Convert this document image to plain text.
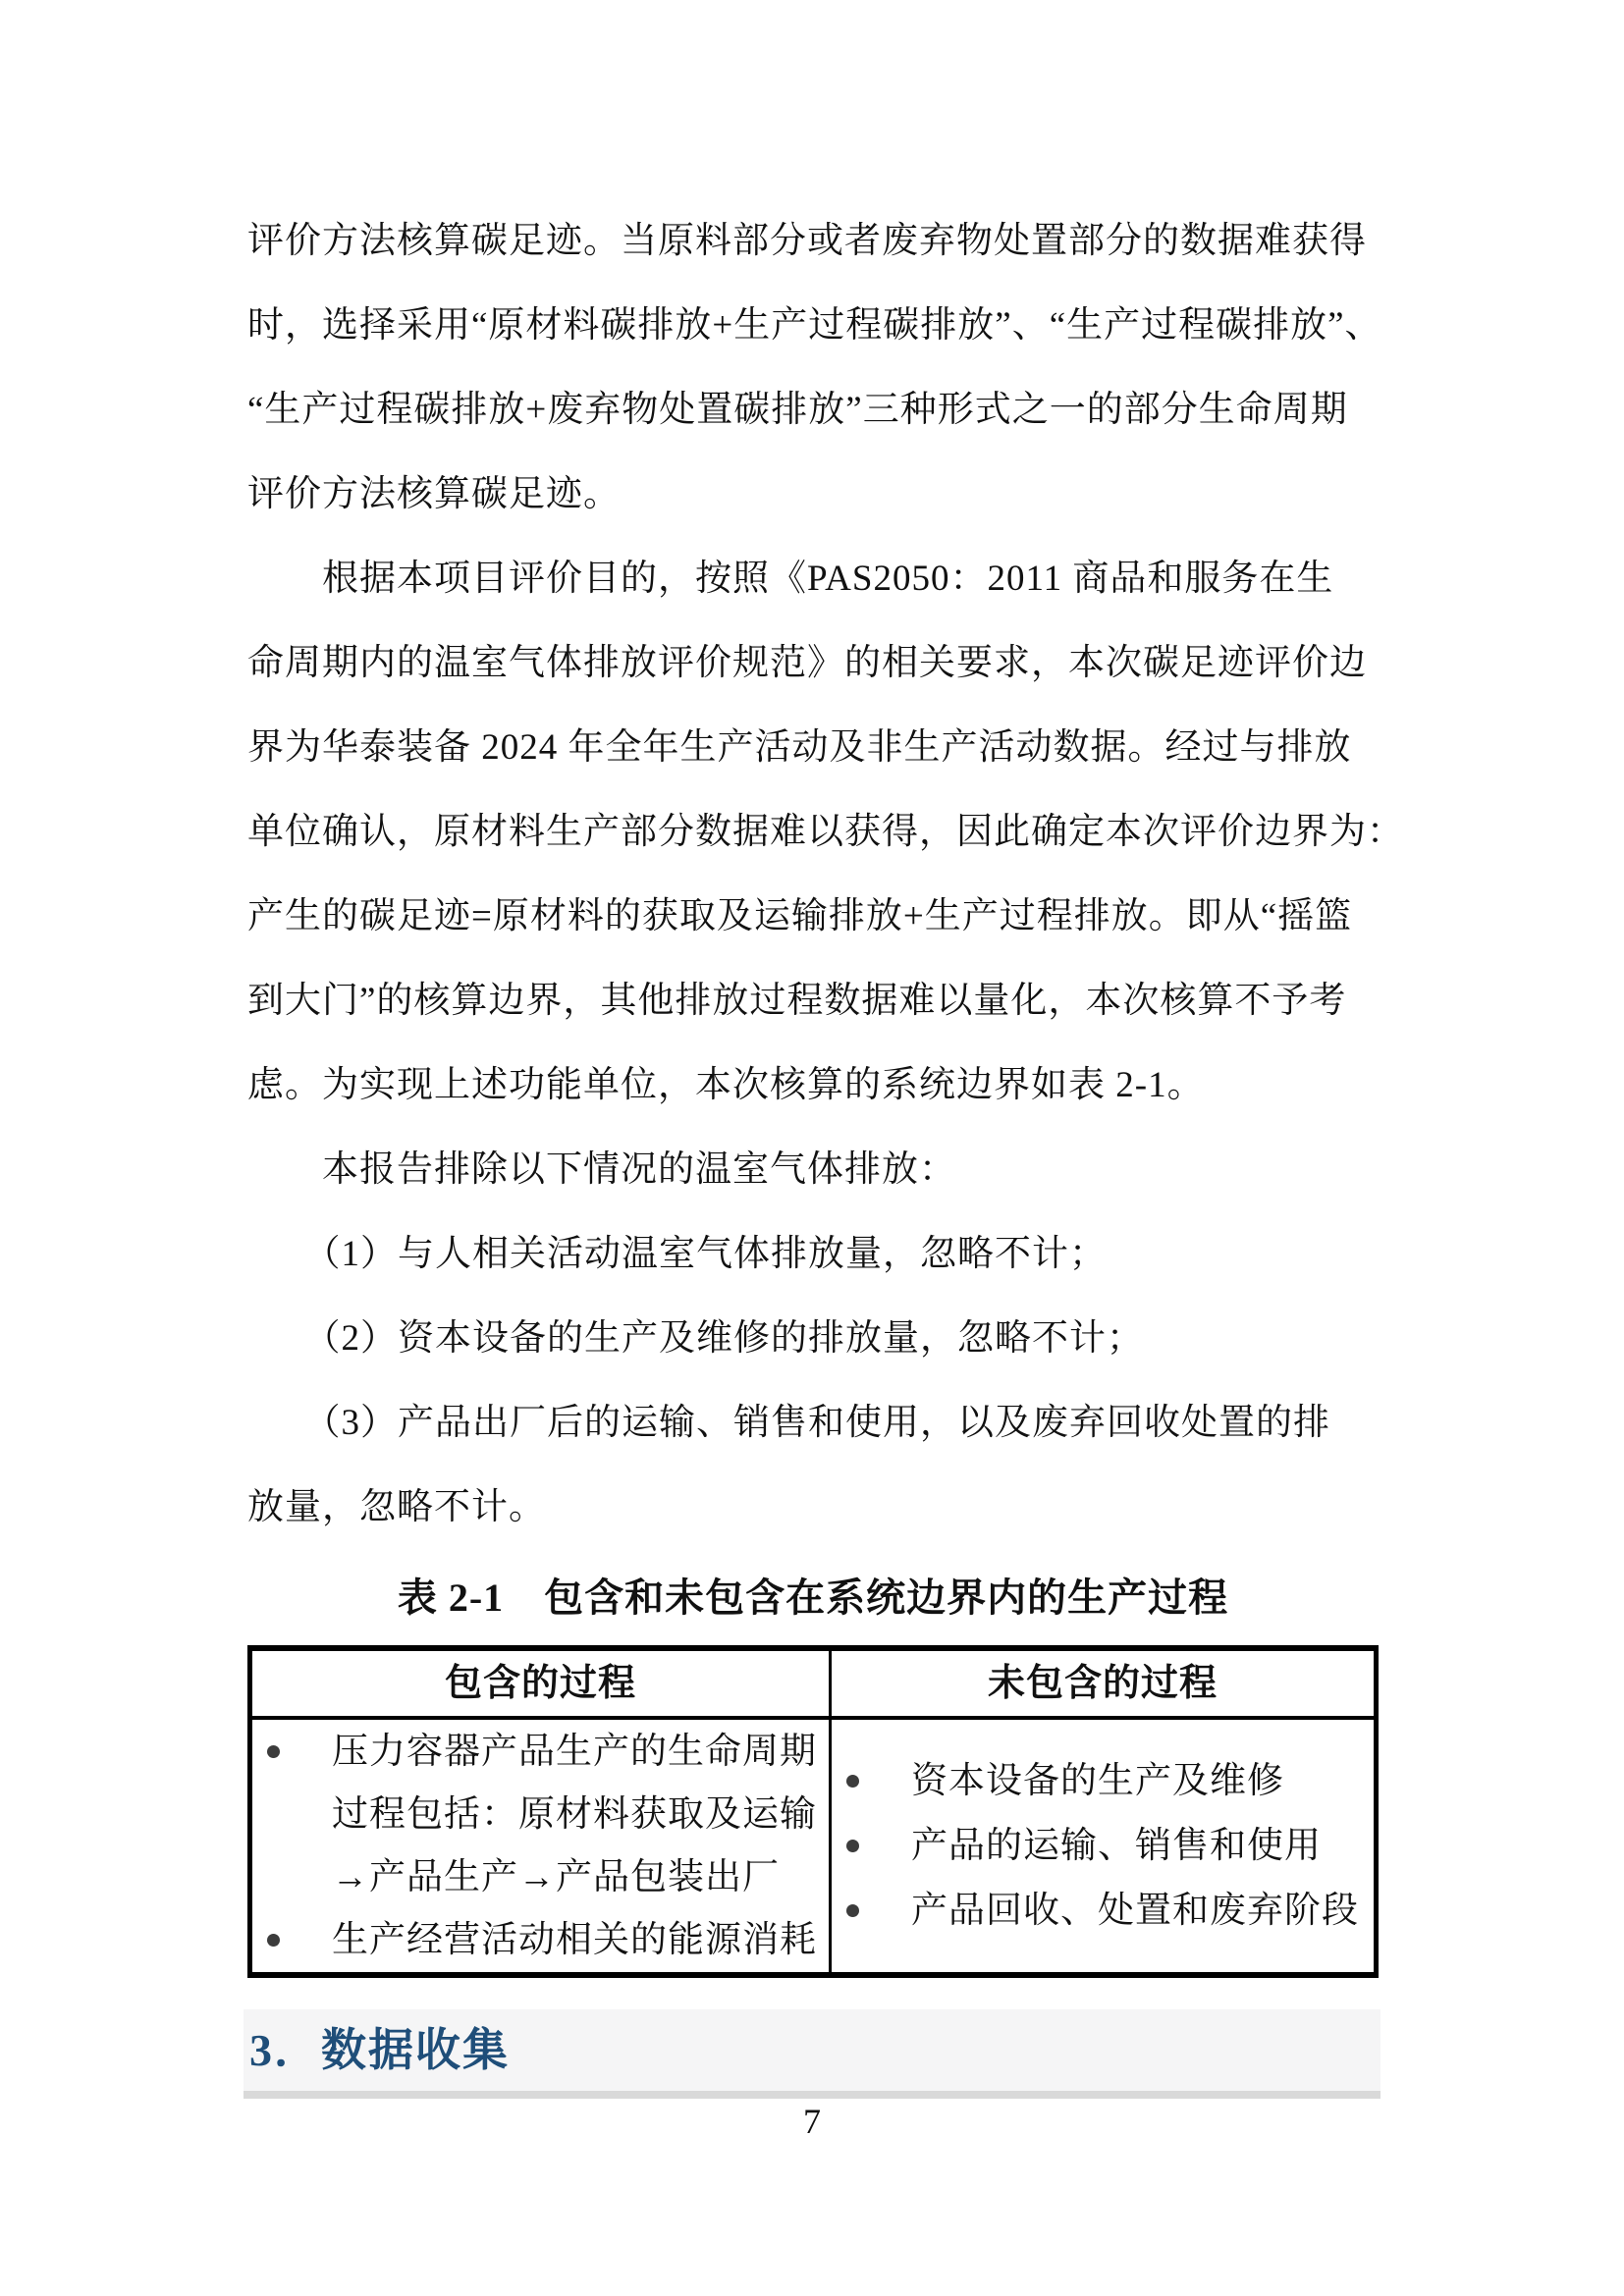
评价方法核算碳足迹。当原料部分或者废弃物处置部分的数据难获得
时，选择采用“原材料碳排放+生产过程碳排放”、“生产过程碳排放”、
“生产过程碳排放+废弃物处置碳排放”三种形式之一的部分生命周期
评价方法核算碳足迹。
　　根据本项目评价目的，按照《PAS2050：2011 商品和服务在生
命周期内的温室气体排放评价规范》的相关要求，本次碳足迹评价边
界为华泰装备 2024 年全年生产活动及非生产活动数据。经过与排放
单位确认，原材料生产部分数据难以获得，因此确定本次评价边界为：
产生的碳足迹=原材料的获取及运输排放+生产过程排放。即从“摇篮
到大门”的核算边界，其他排放过程数据难以量化，本次核算不予考
虑。为实现上述功能单位，本次核算的系统边界如表 2-1。
　　本报告排除以下情况的温室气体排放：
　　（1）与人相关活动温室气体排放量，忽略不计；
　　（2）资本设备的生产及维修的排放量，忽略不计；
　　（3）产品出厂后的运输、销售和使用，以及废弃回收处置的排
放量，忽略不计。
表 2-1　包含和未包含在系统边界内的生产过程
包含的过程	未包含的过程
压力容器产品生产的生命周期过程包括：原材料获取及运输→产品生产→产品包装出厂
生产经营活动相关的能源消耗
资本设备的生产及维修
产品的运输、销售和使用
产品回收、处置和废弃阶段
3．数据收集
7
